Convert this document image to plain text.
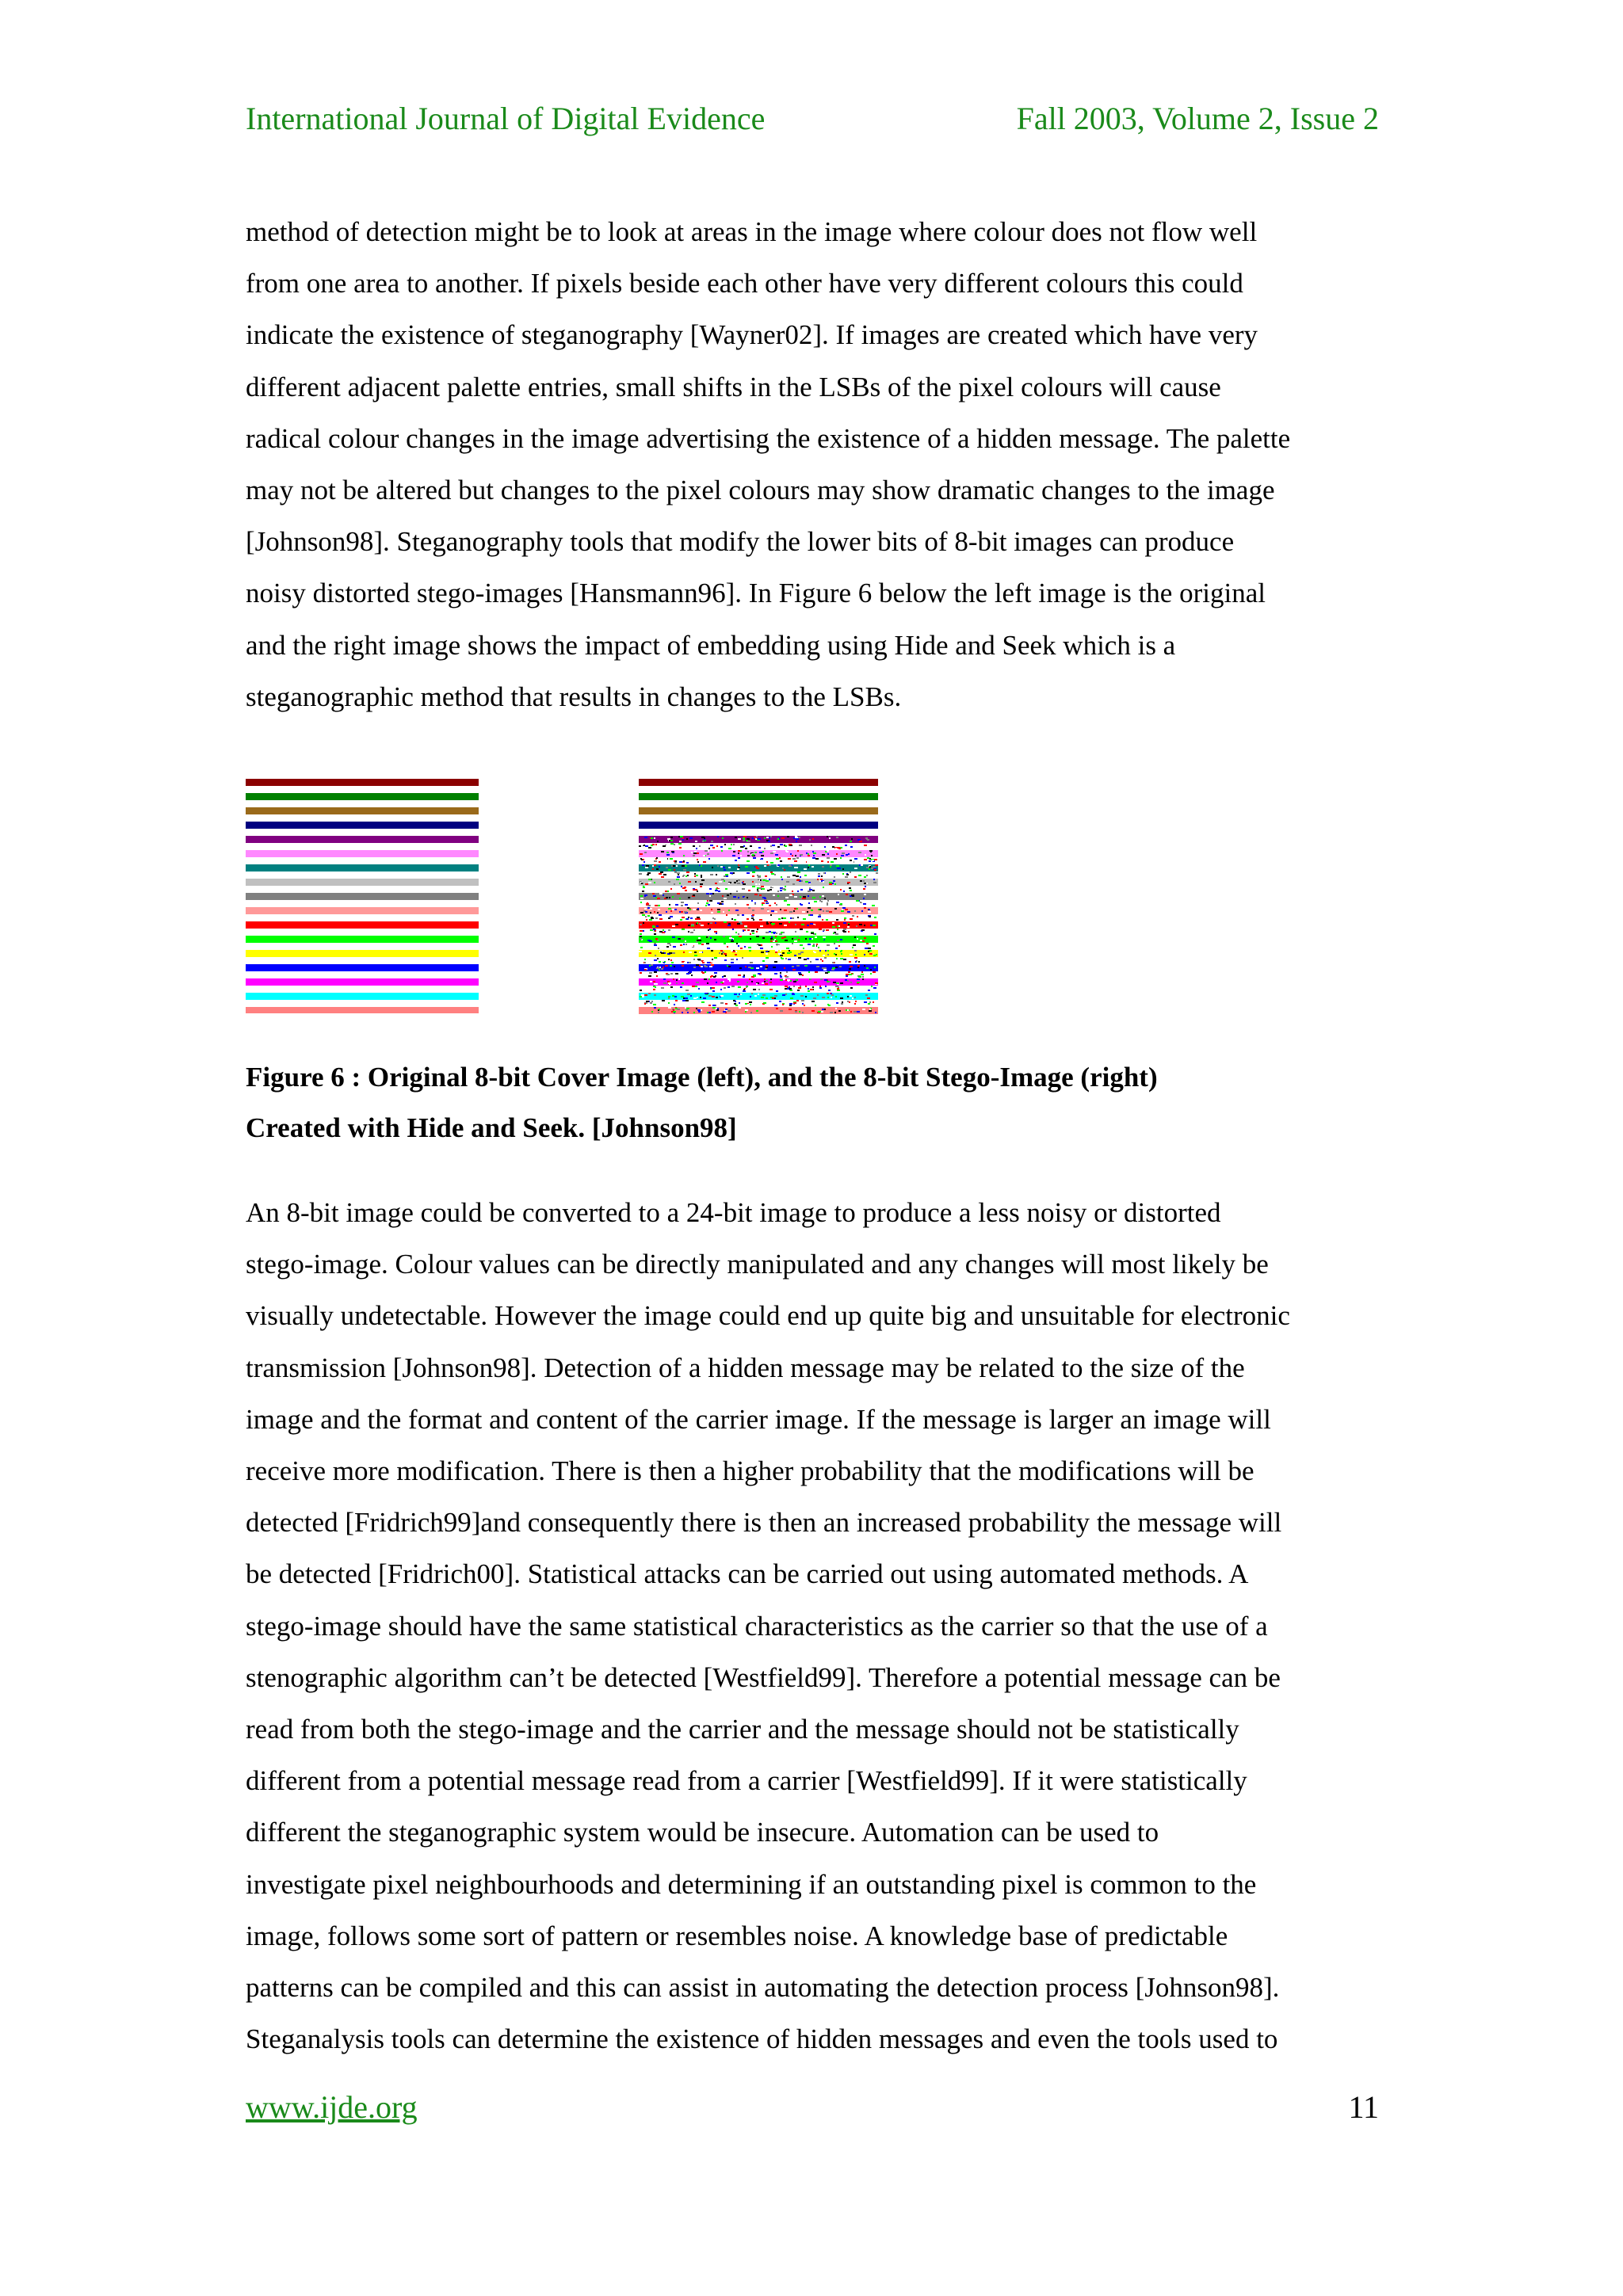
International Journal of Digital Evidence	Fall 2003, Volume 2, Issue 2
method of detection might be to look at areas in the image where colour does not flow well
from one area to another. If pixels beside each other have very different colours this could
indicate the existence of steganography [Wayner02]. If images are created which have very
different adjacent palette entries, small shifts in the LSBs of the pixel colours will cause
radical colour changes in the image advertising the existence of a hidden message. The palette
may not be altered but changes to the pixel colours may show dramatic changes to the image
[Johnson98]. Steganography tools that modify the lower bits of 8-bit images can produce
noisy distorted stego-images [Hansmann96]. In Figure 6 below the left image is the original
and the right image shows the impact of embedding using Hide and Seek which is a
steganographic method that results in changes to the LSBs.
Figure 6 : Original 8-bit Cover Image (left), and the 8-bit Stego-Image (right)
Created with Hide and Seek. [Johnson98]
An 8-bit image could be converted to a 24-bit image to produce a less noisy or distorted
stego-image. Colour values can be directly manipulated and any changes will most likely be
visually undetectable. However the image could end up quite big and unsuitable for electronic
transmission [Johnson98]. Detection of a hidden message may be related to the size of the
image and the format and content of the carrier image. If the message is larger an image will
receive more modification. There is then a higher probability that the modifications will be
detected [Fridrich99]and consequently there is then an increased probability the message will
be detected [Fridrich00]. Statistical attacks can be carried out using automated methods. A
stego-image should have the same statistical characteristics as the carrier so that the use of a
stenographic algorithm can’t be detected [Westfield99]. Therefore a potential message can be
read from both the stego-image and the carrier and the message should not be statistically
different from a potential message read from a carrier [Westfield99]. If it were statistically
different the steganographic system would be insecure. Automation can be used to
investigate pixel neighbourhoods and determining if an outstanding pixel is common to the
image, follows some sort of pattern or resembles noise. A knowledge base of predictable
patterns can be compiled and this can assist in automating the detection process [Johnson98].
Steganalysis tools can determine the existence of hidden messages and even the tools used to
www.ijde.org	11
